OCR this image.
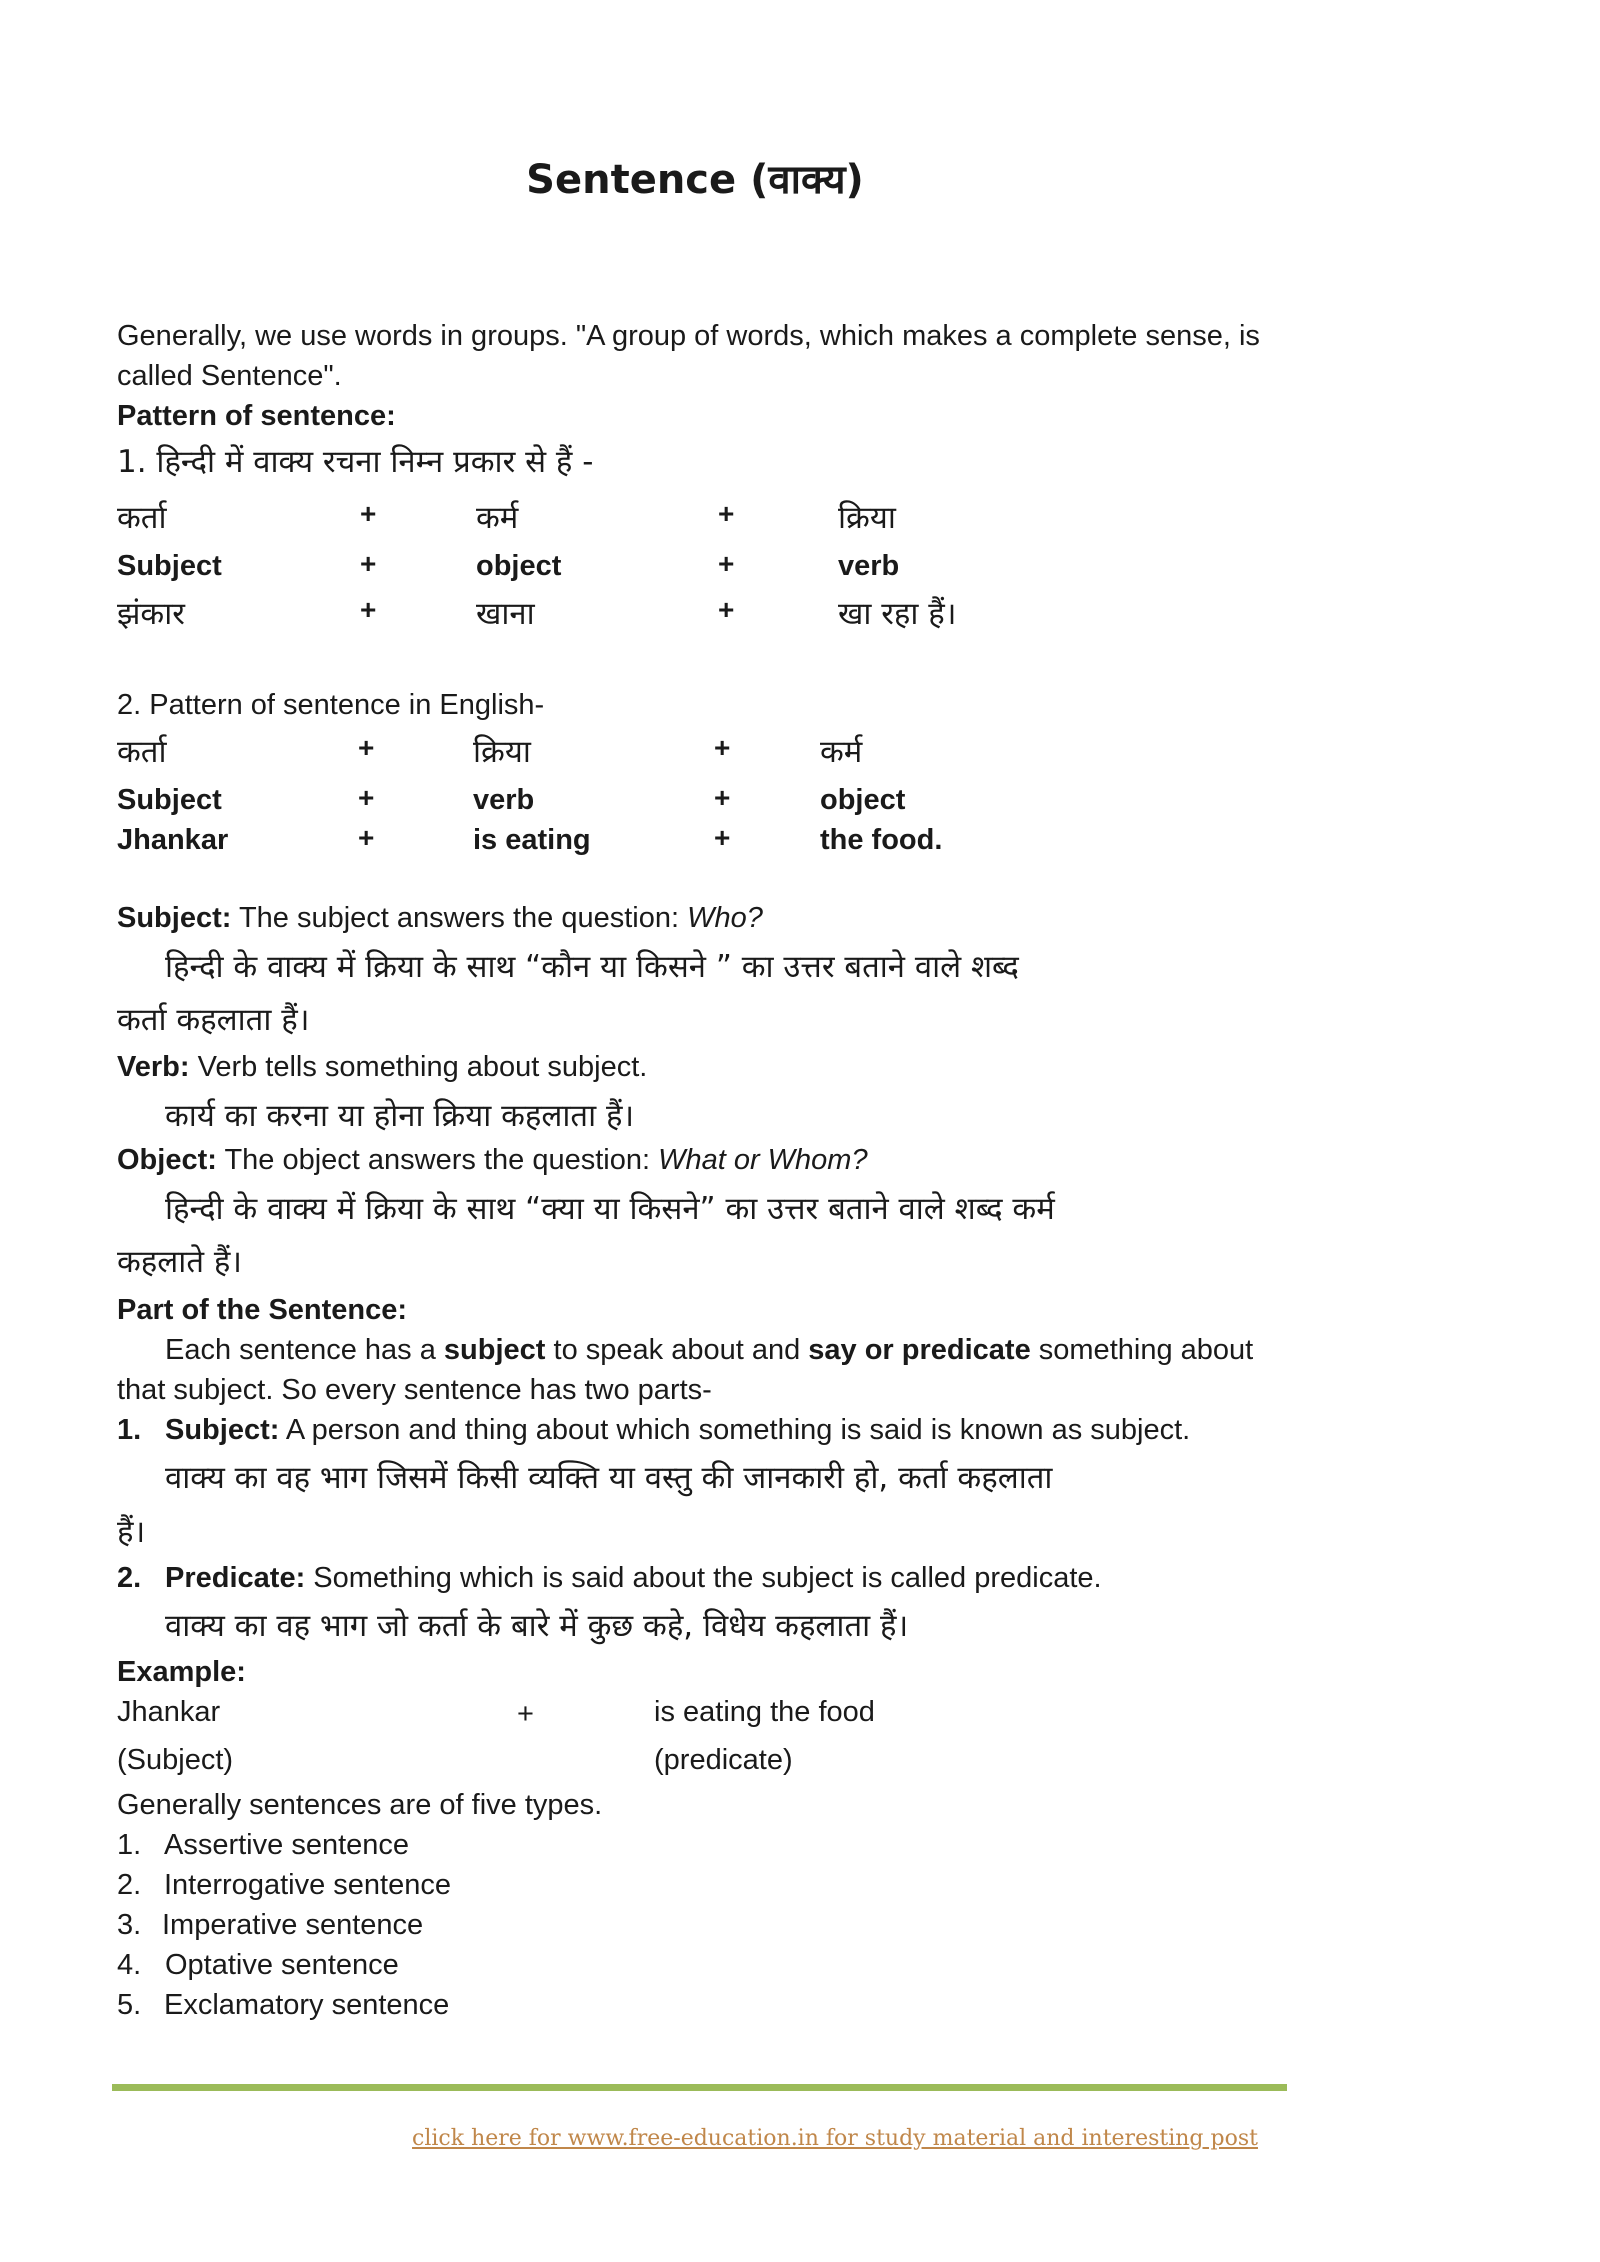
Sentence (वाक्य)
Generally, we use words in groups. "A group of words, which makes a complete sense, is called Sentence".
Pattern of sentence:
1. हिन्दी में वाक्य रचना निम्न प्रकार से हैं -
कर्ता	+	कर्म	+	क्रिया
Subject	+	object	+	verb
झंकार	+	खाना	+	खा रहा हैं।
2. Pattern of sentence in English-
कर्ता	+	क्रिया	+	कर्म
Subject	+	verb	+	object
Jhankar	+	is eating	+	the food.
Subject: The subject answers the question: Who?
हिन्दी के वाक्य में क्रिया के साथ “कौन या किसने ” का उत्तर बताने वाले शब्द
कर्ता कहलाता हैं।
Verb: Verb tells something about subject.
कार्य का करना या होना क्रिया कहलाता हैं।
Object: The object answers the question: What or Whom?
हिन्दी के वाक्य में क्रिया के साथ “क्या या किसने” का उत्तर बताने वाले शब्द कर्म
कहलाते हैं।
Part of the Sentence:
Each sentence has a subject to speak about and say or predicate something about
that subject. So every sentence has two parts-
1. Subject: A person and thing about which something is said is known as subject.
वाक्य का वह भाग जिसमें किसी व्यक्ति या वस्तु की जानकारी हो, कर्ता कहलाता
हैं।
2. Predicate: Something which is said about the subject is called predicate.
वाक्य का वह भाग जो कर्ता के बारे में कुछ कहे, विधेय कहलाता हैं।
Example:
Jhankar	+	is eating the food
(Subject)	(predicate)
Generally sentences are of five types.
1. Assertive sentence
2. Interrogative sentence
3. Imperative sentence
4. Optative sentence
5. Exclamatory sentence
click here for www.free-education.in for study material and interesting post
